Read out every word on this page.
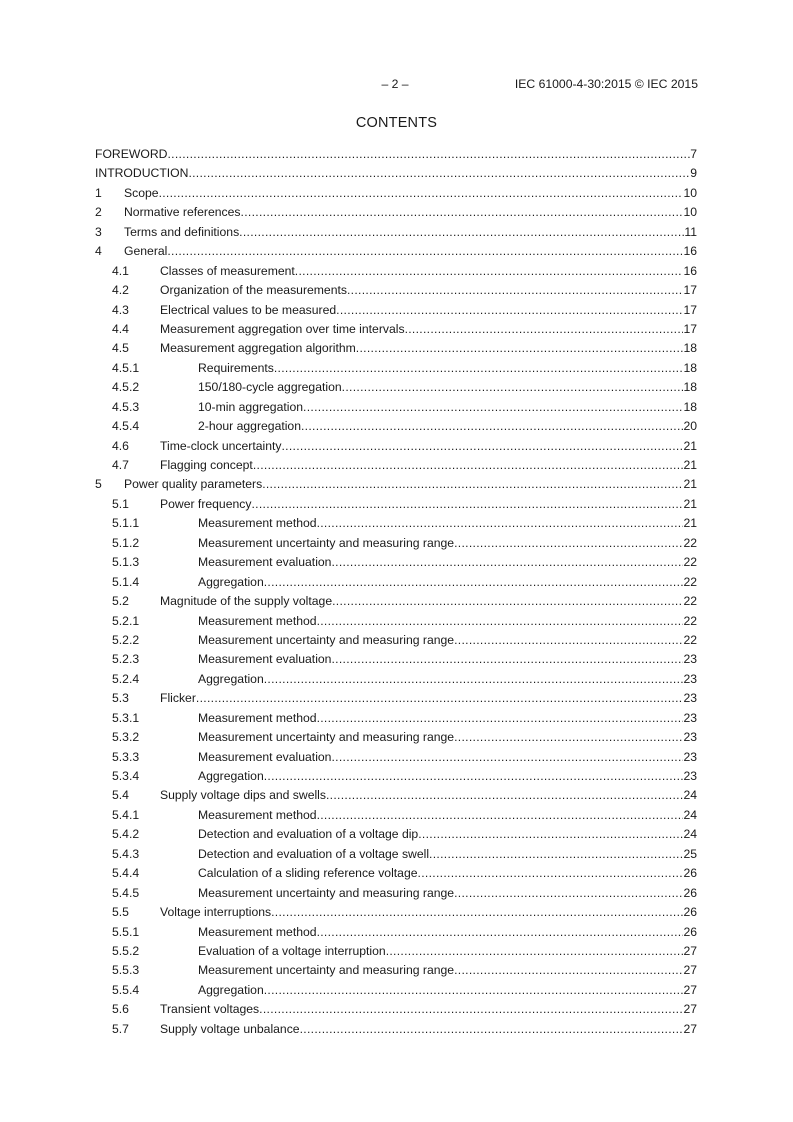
– 2 –	IEC 61000-4-30:2015 © IEC 2015
CONTENTS
FOREWORD .....	7
INTRODUCTION .....	9
1 Scope .....	10
2 Normative references .....	10
3 Terms and definitions .....	11
4 General .....	16
4.1	Classes of measurement .....	16
4.2	Organization of the measurements .....	17
4.3	Electrical values to be measured .....	17
4.4	Measurement aggregation over time intervals .....	17
4.5	Measurement aggregation algorithm .....	18
4.5.1	Requirements .....	18
4.5.2	150/180-cycle aggregation .....	18
4.5.3	10-min aggregation .....	18
4.5.4	2-hour aggregation .....	20
4.6	Time-clock uncertainty .....	21
4.7	Flagging concept .....	21
5 Power quality parameters .....	21
5.1	Power frequency .....	21
5.1.1	Measurement method .....	21
5.1.2	Measurement uncertainty and measuring range .....	22
5.1.3	Measurement evaluation .....	22
5.1.4	Aggregation .....	22
5.2	Magnitude of the supply voltage .....	22
5.2.1	Measurement method .....	22
5.2.2	Measurement uncertainty and measuring range .....	22
5.2.3	Measurement evaluation .....	23
5.2.4	Aggregation .....	23
5.3	Flicker .....	23
5.3.1	Measurement method .....	23
5.3.2	Measurement uncertainty and measuring range .....	23
5.3.3	Measurement evaluation .....	23
5.3.4	Aggregation .....	23
5.4	Supply voltage dips and swells .....	24
5.4.1	Measurement method .....	24
5.4.2	Detection and evaluation of a voltage dip .....	24
5.4.3	Detection and evaluation of a voltage swell .....	25
5.4.4	Calculation of a sliding reference voltage .....	26
5.4.5	Measurement uncertainty and measuring range .....	26
5.5	Voltage interruptions .....	26
5.5.1	Measurement method .....	26
5.5.2	Evaluation of a voltage interruption .....	27
5.5.3	Measurement uncertainty and measuring range .....	27
5.5.4	Aggregation .....	27
5.6	Transient voltages .....	27
5.7	Supply voltage unbalance .....	27
